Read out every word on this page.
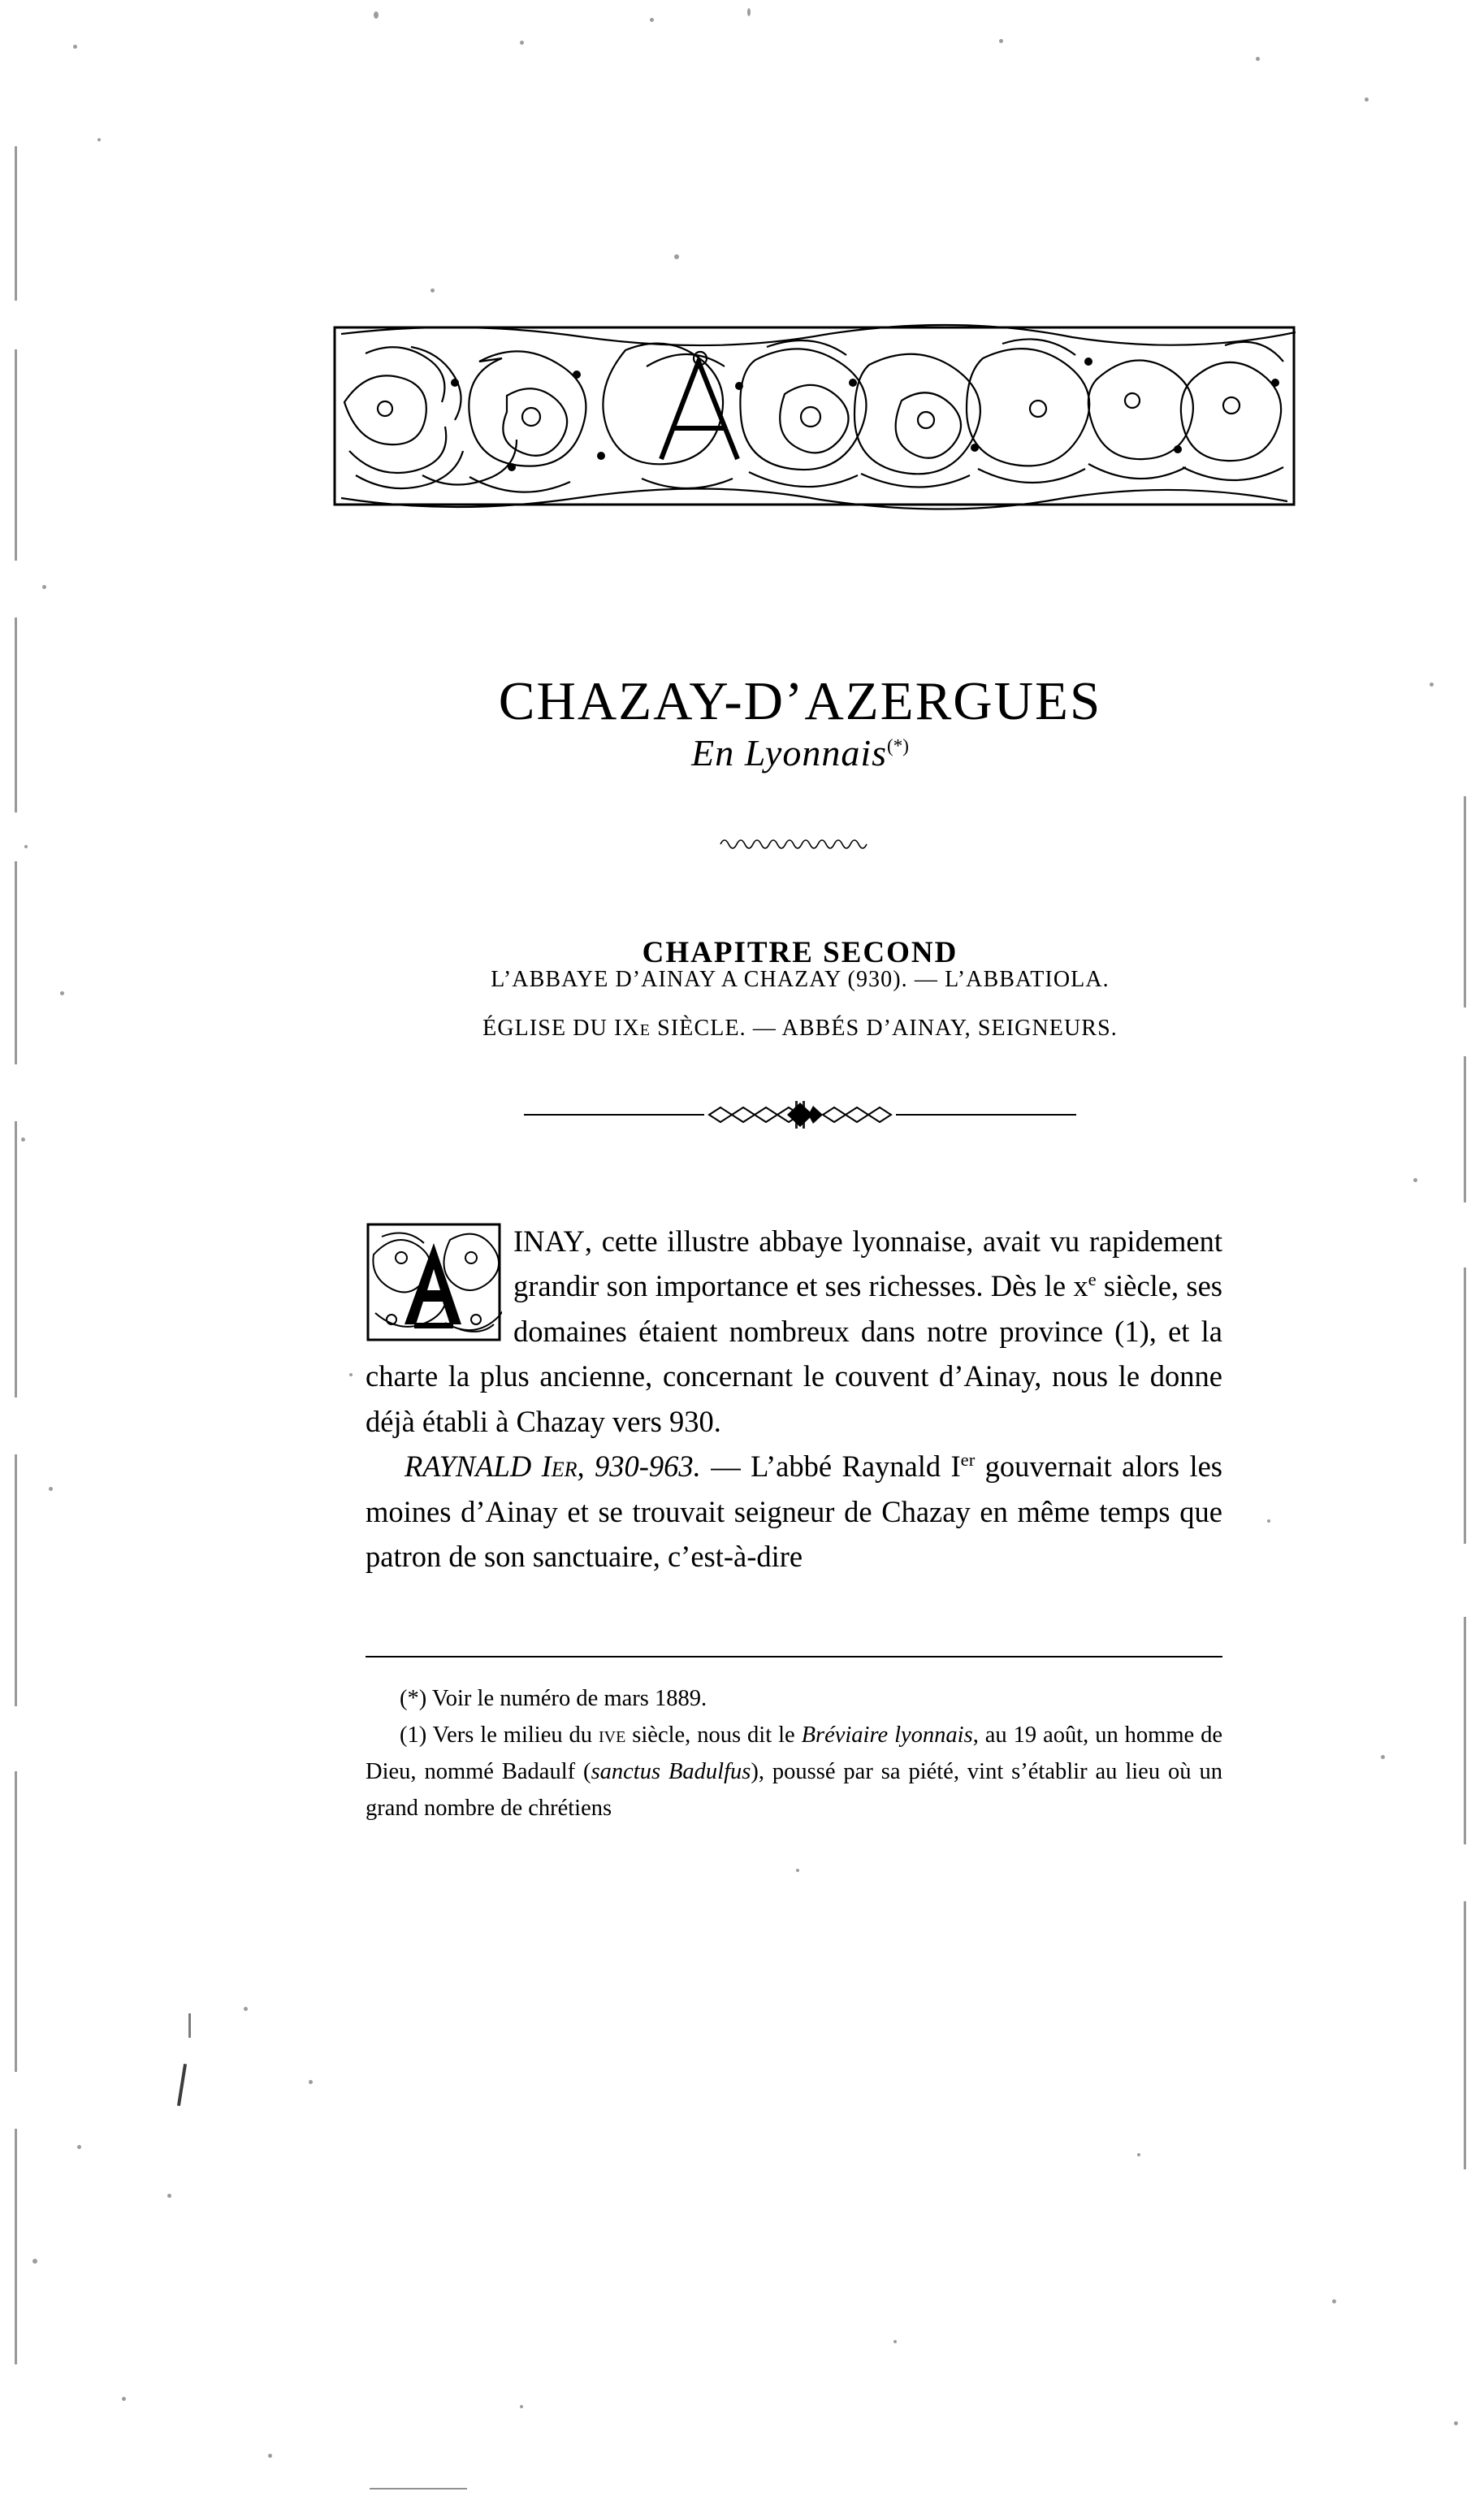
CHAZAY-D’AZERGUES
En Lyonnais(*)
CHAPITRE SECOND
L’ABBAYE D’AINAY A CHAZAY (930). — L’ABBATIOLA.
ÉGLISE DU IXe SIÈCLE. — ABBÉS D’AINAY, SEIGNEURS.

INAY, cette illustre abbaye lyonnaise, avait vu rapidement grandir son importance et ses richesses. Dès le $x^e$ siècle, ses domaines étaient nombreux dans notre province (1), et la charte la plus ancienne, concernant le couvent d’Ainay, nous le donne déjà établi à Chazay vers 930.

RAYNALD Ier, 930-963. — L’abbé Raynald Ier gouvernait alors les moines d’Ainay et se trouvait seigneur de Chazay en même temps que patron de son sanctuaire, c’est-à-dire

(*) Voir le numéro de mars 1889.

(1) Vers le milieu du ive siècle, nous dit le Bréviaire lyonnais, au 19 août, un homme de Dieu, nommé Badaulf (sanctus Badulfus), poussé par sa piété, vint s’établir au lieu où un grand nombre de chrétiens
